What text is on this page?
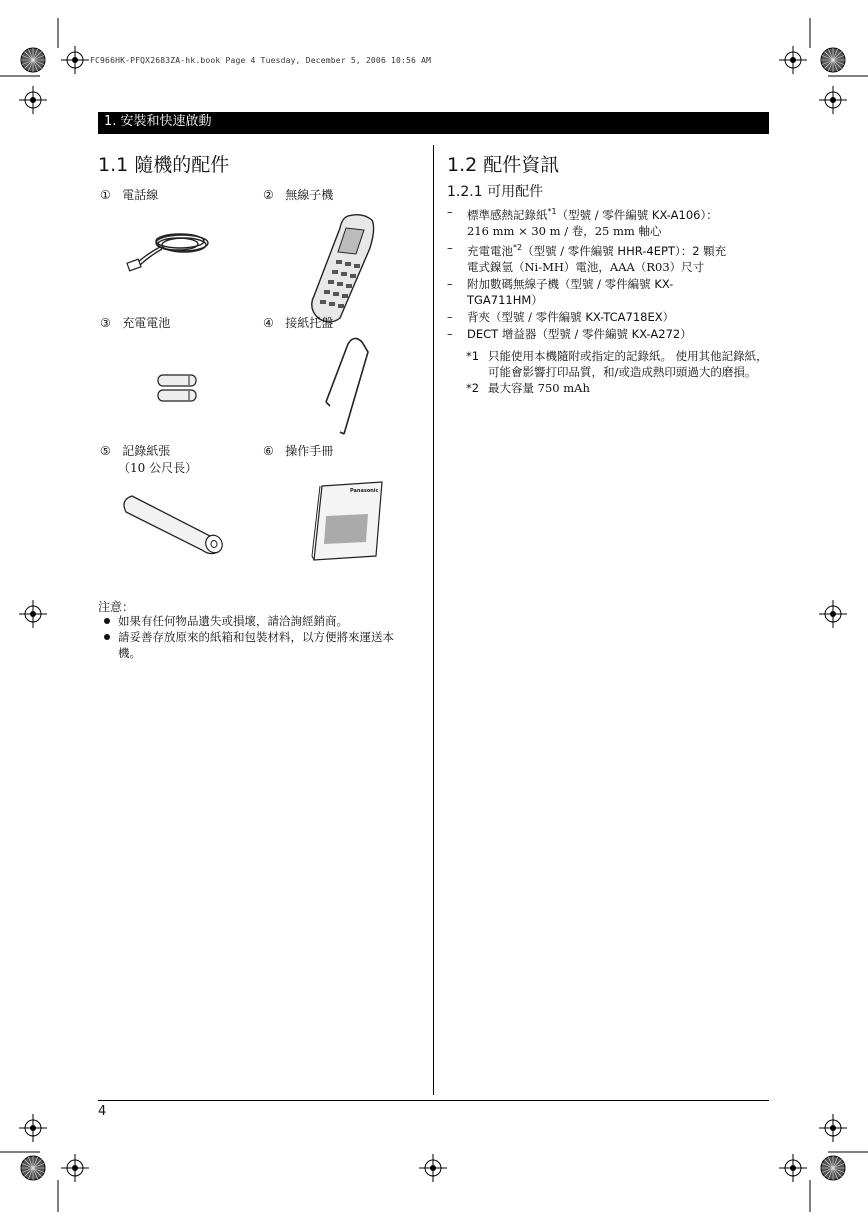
FC966HK-PFQX2683ZA-hk.book Page 4 Tuesday, December 5, 2006 10:56 AM
1. 安裝和快速啟動
1.1 隨機的配件
① 電話線	② 無線子機
③ 充電電池	④ 接紙托盤
⑤ 記錄紙張
（10 公尺長）
⑥ 操作手冊
Panasonic
注意：
如果有任何物品遺失或損壞，請洽詢經銷商。
請妥善存放原來的紙箱和包裝材料，以方便將來運送本機。
1.2 配件資訊
1.2.1 可用配件
– 標準感熱記錄紙$^{*1}$（型號 / 零件編號 KX-A106）：
216 mm × 30 m / 卷，25 mm 軸心
– 充電電池$^{*2}$（型號 / 零件編號 HHR-4EPT）：2 顆充
電式鎳氫（Ni-MH）電池，AAA（R03）尺寸
– 附加數碼無線子機（型號 / 零件編號 KX-
TGA711HM）
– 背夾（型號 / 零件編號 KX-TCA718EX）
– DECT 增益器（型號 / 零件編號 KX-A272）
*1 只能使用本機隨附或指定的記錄紙。 使用其他記錄紙，可能會影響打印品質，和/或造成熱印頭過大的磨損。
*2 最大容量 750 mAh
4
